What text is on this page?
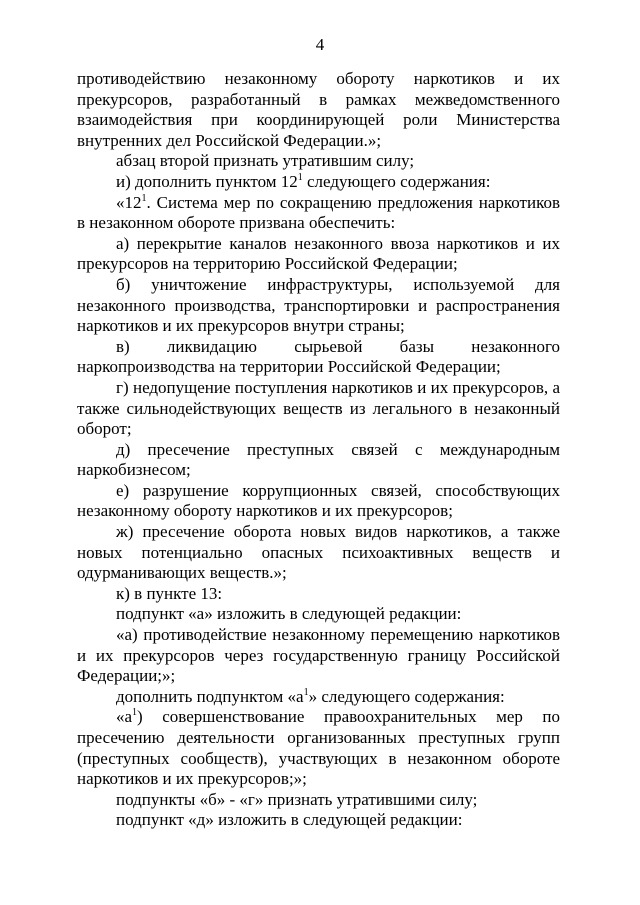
4

противодействию незаконному обороту наркотиков и их прекурсоров, разработанный в рамках межведомственного взаимодействия при координирующей роли Министерства внутренних дел Российской Федерации.»;

абзац второй признать утратившим силу;

и) дополнить пунктом $12^1$ следующего содержания:

«$12^1$. Система мер по сокращению предложения наркотиков в незаконном обороте призвана обеспечить:

а) перекрытие каналов незаконного ввоза наркотиков и их прекурсоров на территорию Российской Федерации;

б) уничтожение инфраструктуры, используемой для незаконного производства, транспортировки и распространения наркотиков и их прекурсоров внутри страны;

в) ликвидацию сырьевой базы незаконного наркопроизводства на территории Российской Федерации;

г) недопущение поступления наркотиков и их прекурсоров, а также сильнодействующих веществ из легального в незаконный оборот;

д) пресечение преступных связей с международным наркобизнесом;

е) разрушение коррупционных связей, способствующих незаконному обороту наркотиков и их прекурсоров;

ж) пресечение оборота новых видов наркотиков, а также новых потенциально опасных психоактивных веществ и одурманивающих веществ.»;

к) в пункте 13:

подпункт «а» изложить в следующей редакции:

«а) противодействие незаконному перемещению наркотиков и их прекурсоров через государственную границу Российской Федерации;»;

дополнить подпунктом «$а^1$» следующего содержания:

«$а^1$) совершенствование правоохранительных мер по пресечению деятельности организованных преступных групп (преступных сообществ), участвующих в незаконном обороте наркотиков и их прекурсоров;»;

подпункты «б» - «г» признать утратившими силу;

подпункт «д» изложить в следующей редакции:
